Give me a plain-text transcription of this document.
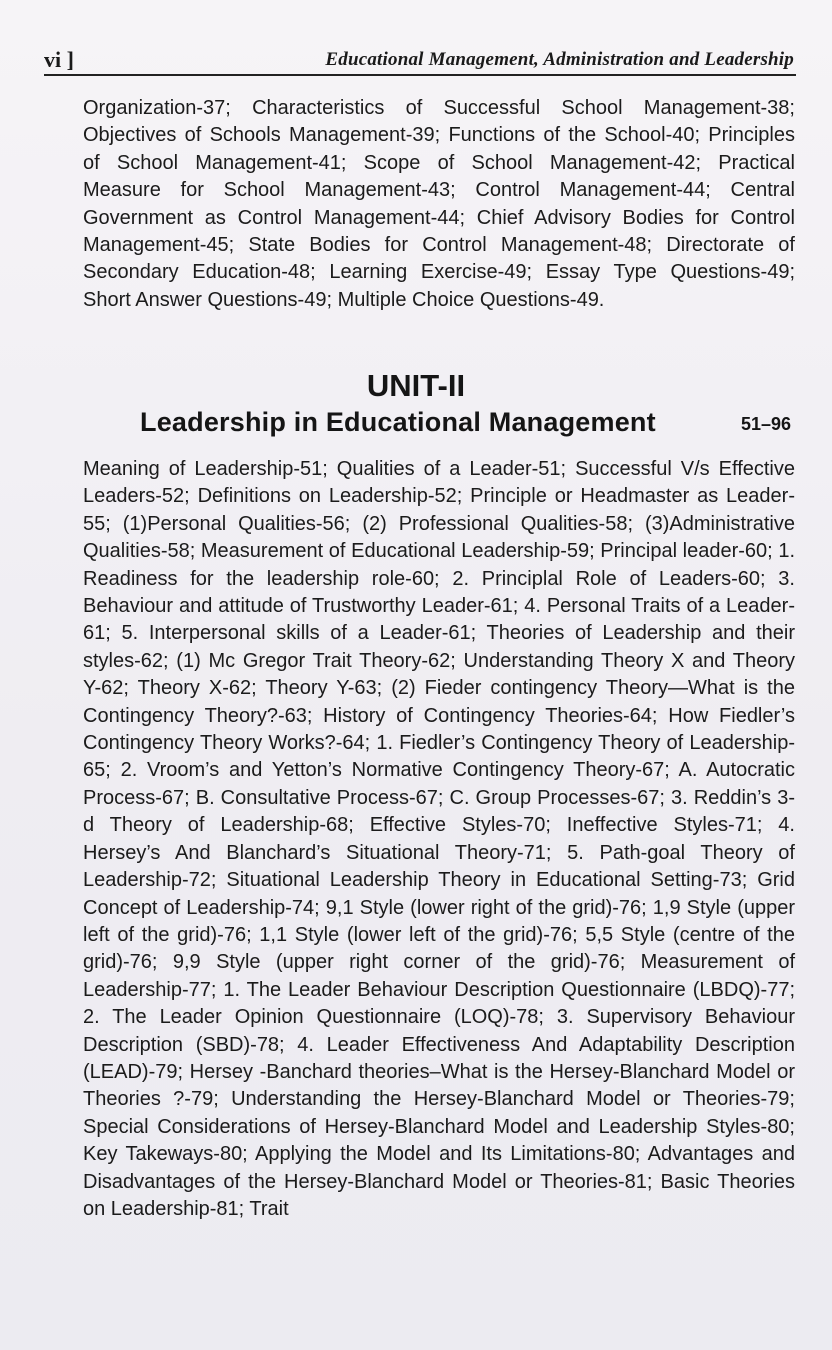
vi ]	Educational Management, Administration and Leadership

Organization-37; Characteristics of Successful School Management-38; Objectives of Schools Management-39; Functions of the School-40; Principles of School Management-41; Scope of School Management-42; Practical Measure for School Management-43; Control Management-44; Central Government as Control Management-44; Chief Advisory Bodies for Control Management-45; State Bodies for Control Management-48; Directorate of Secondary Education-48; Learning Exercise-49; Essay Type Questions-49; Short Answer Questions-49; Multiple Choice Questions-49.

UNIT-II
Leadership in Educational Management	51–96

Meaning of Leadership-51; Qualities of a Leader-51; Successful V/s Effective Leaders-52; Definitions on Leadership-52; Principle or Headmaster as Leader-55; (1)Personal Qualities-56; (2) Professional Qualities-58; (3)Administrative Qualities-58; Measurement of Educational Leadership-59; Principal leader-60; 1. Readiness for the leadership role-60; 2. Principlal Role of Leaders-60; 3. Behaviour and attitude of Trustworthy Leader-61; 4. Personal Traits of a Leader-61; 5. Interpersonal skills of a Leader-61; Theories of Leadership and their styles-62; (1) Mc Gregor Trait Theory-62; Understanding Theory X and Theory Y-62; Theory X-62; Theory Y-63; (2) Fieder contingency Theory—What is the Contingency Theory?-63; History of Contingency Theories-64; How Fiedler’s Contingency Theory Works?-64; 1. Fiedler’s Contingency Theory of Leadership-65; 2. Vroom’s and Yetton’s Normative Contingency Theory-67; A. Autocratic Process-67; B. Consultative Process-67; C. Group Processes-67; 3. Reddin’s 3-d Theory of Leadership-68; Effective Styles-70; Ineffective Styles-71; 4. Hersey’s And Blanchard’s Situational Theory-71; 5. Path-goal Theory of Leadership-72; Situational Leadership Theory in Educational Setting-73; Grid Concept of Leadership-74; 9,1 Style (lower right of the grid)-76; 1,9 Style (upper left of the grid)-76; 1,1 Style (lower left of the grid)-76; 5,5 Style (centre of the grid)-76; 9,9 Style (upper right corner of the grid)-76; Measurement of Leadership-77; 1. The Leader Behaviour Description Questionnaire (LBDQ)-77; 2. The Leader Opinion Questionnaire (LOQ)-78; 3. Supervisory Behaviour Description (SBD)-78; 4. Leader Effectiveness And Adaptability Description (LEAD)-79; Hersey -Banchard theories–What is the Hersey-Blanchard Model or Theories ?-79; Understanding the Hersey-Blanchard Model or Theories-79; Special Considerations of Hersey-Blanchard Model and Leadership Styles-80; Key Takeways-80; Applying the Model and Its Limitations-80; Advantages and Disadvantages of the Hersey-Blanchard Model or Theories-81; Basic Theories on Leadership-81; Trait
